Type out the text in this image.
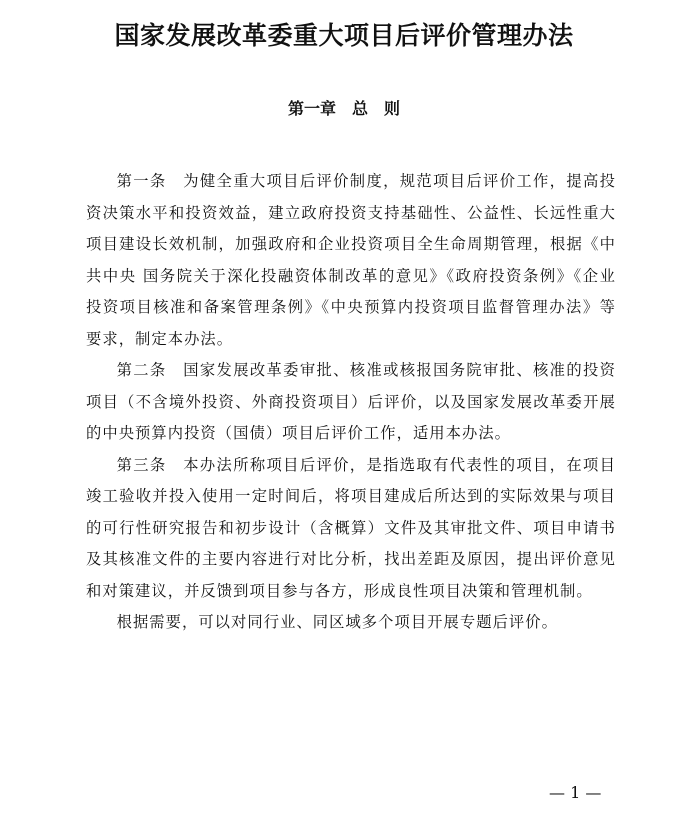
国家发展改革委重大项目后评价管理办法
第一章　总　则

第一条　为健全重大项目后评价制度，规范项目后评价工作，提高投资决策水平和投资效益，建立政府投资支持基础性、公益性、长远性重大项目建设长效机制，加强政府和企业投资项目全生命周期管理，根据《中共中央 国务院关于深化投融资体制改革的意见》《政府投资条例》《企业投资项目核准和备案管理条例》《中央预算内投资项目监督管理办法》等要求，制定本办法。

第二条　国家发展改革委审批、核准或核报国务院审批、核准的投资项目（不含境外投资、外商投资项目）后评价，以及国家发展改革委开展的中央预算内投资（国债）项目后评价工作，适用本办法。

第三条　本办法所称项目后评价，是指选取有代表性的项目，在项目竣工验收并投入使用一定时间后，将项目建成后所达到的实际效果与项目的可行性研究报告和初步设计（含概算）文件及其审批文件、项目申请书及其核准文件的主要内容进行对比分析，找出差距及原因，提出评价意见和对策建议，并反馈到项目参与各方，形成良性项目决策和管理机制。

根据需要，可以对同行业、同区域多个项目开展专题后评价。

— 1 —
